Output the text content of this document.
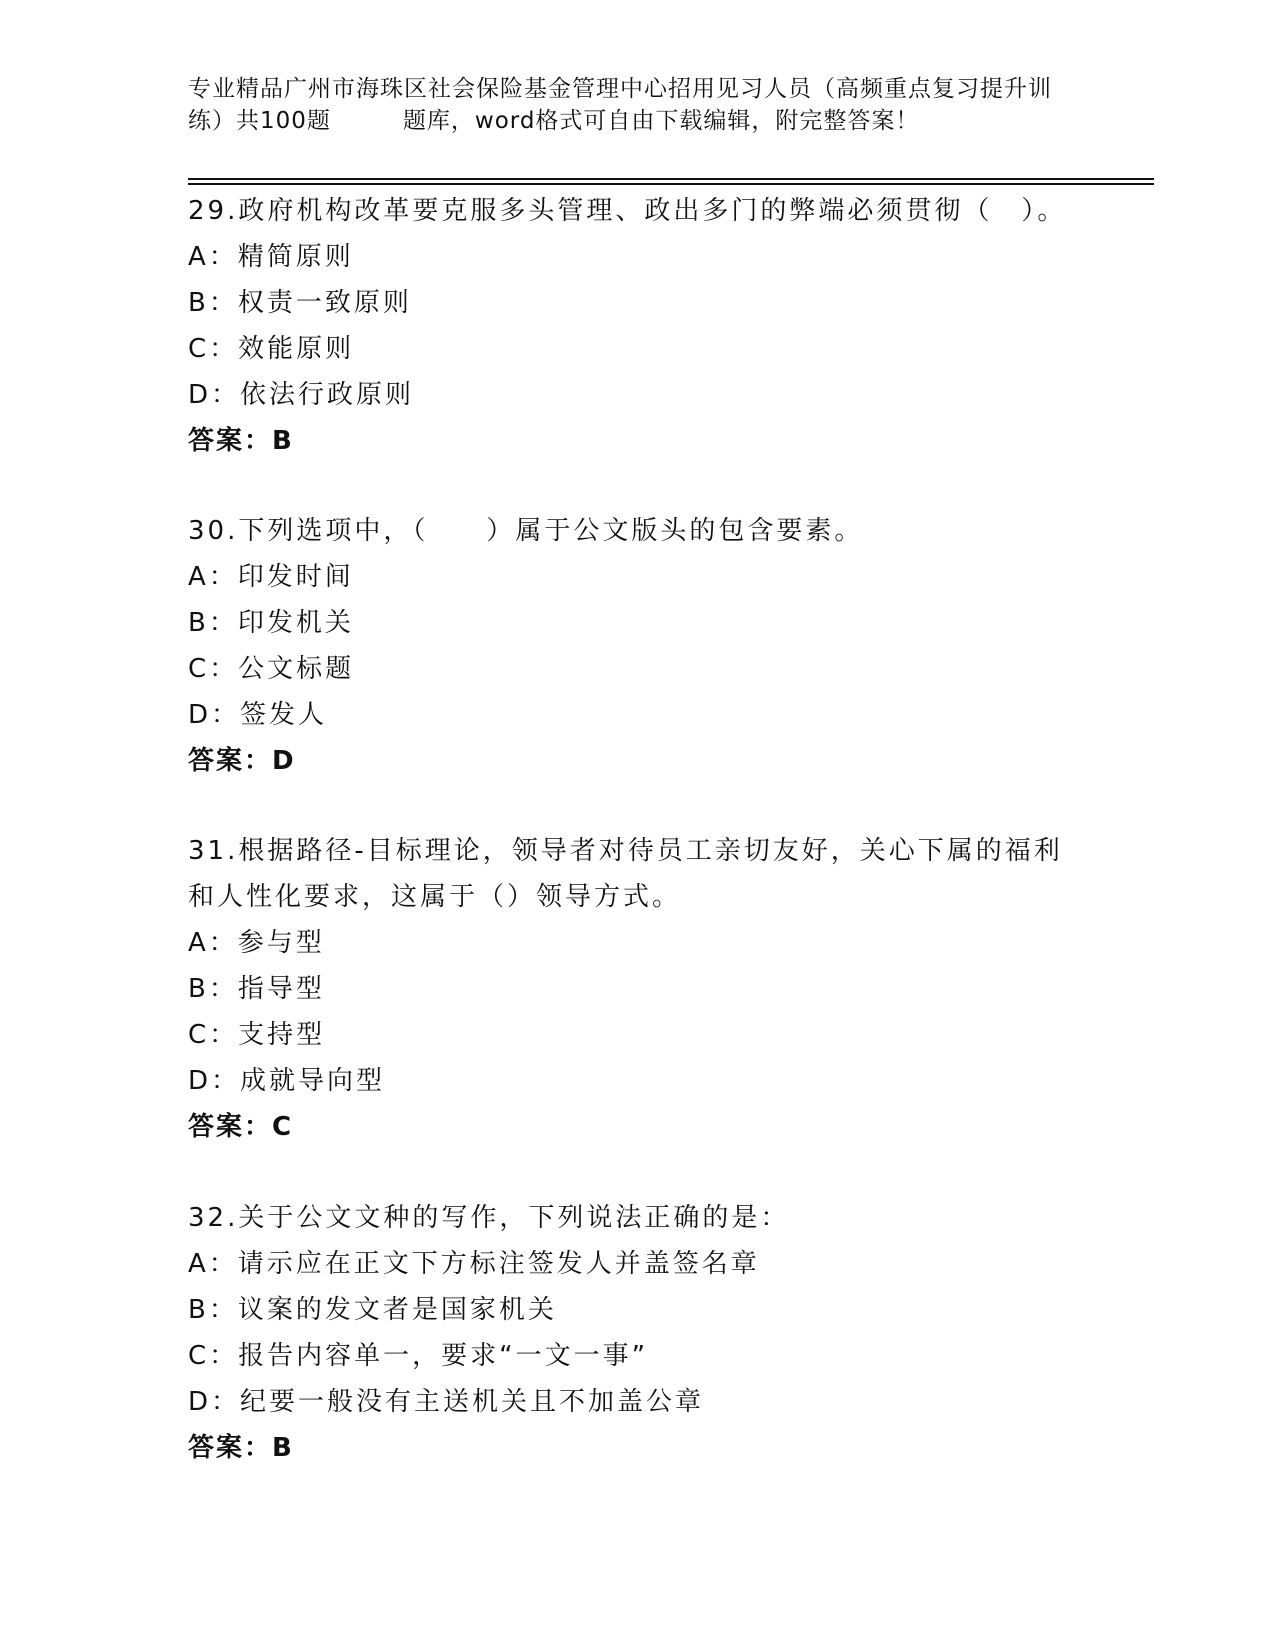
专业精品广州市海珠区社会保险基金管理中心招用见习人员（高频重点复习提升训
练）共100题　　　题库，word格式可自由下载编辑，附完整答案！
29.政府机构改革要克服多头管理、政出多门的弊端必须贯彻（　）。
A：精简原则
B：权责一致原则
C：效能原则
D：依法行政原则
答案：B
30.下列选项中，（　　）属于公文版头的包含要素。
A：印发时间
B：印发机关
C：公文标题
D：签发人
答案：D
31.根据路径-目标理论，领导者对待员工亲切友好，关心下属的福利
和人性化要求，这属于（）领导方式。
A：参与型
B：指导型
C：支持型
D：成就导向型
答案：C
32.关于公文文种的写作，下列说法正确的是：
A：请示应在正文下方标注签发人并盖签名章
B：议案的发文者是国家机关
C：报告内容单一，要求“一文一事”
D：纪要一般没有主送机关且不加盖公章
答案：B
